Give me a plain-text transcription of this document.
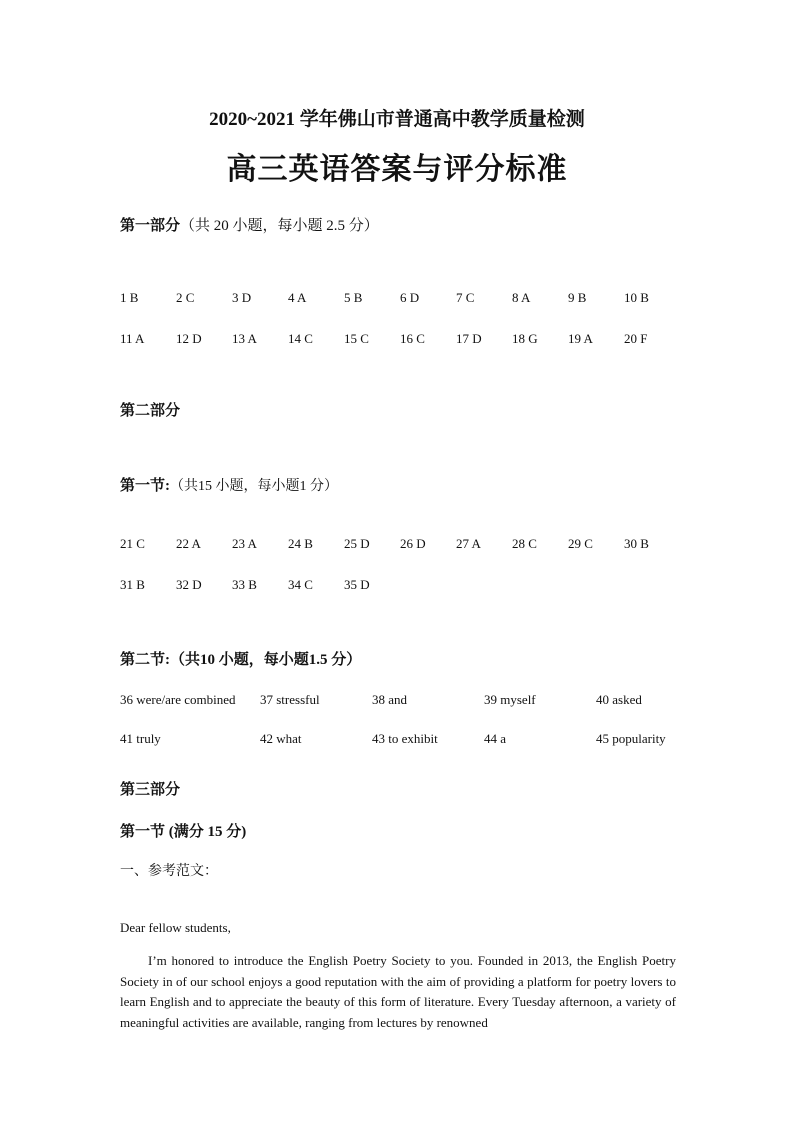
2020~2021 学年佛山市普通高中教学质量检测
高三英语答案与评分标准
第一部分（共 20 小题，每小题 2.5 分）
1 B	2 C	3 D	4 A	5 B	6 D	7 C	8 A	9 B	10 B
11 A 12 D 13 A 14 C 15 C 16 C 17 D 18 G 19 A 20 F
第二部分
第一节:（共15 小题，每小题1 分）
21 C 22 A 23 A 24 B 25 D 26 D 27 A 28 C 29 C 30 B
31 B 32 D 33 B 34 C 35 D
第二节:（共10 小题，每小题1.5 分）
36 were/are combined 37 stressful	38 and	39 myself	40 asked
41 truly	42 what	43 to exhibit	44 a	45 popularity
第三部分
第一节 (满分 15 分)
一、参考范文：
Dear fellow students,
I’m honored to introduce the English Poetry Society to you. Founded in 2013, the English Poetry Society in of our school enjoys a good reputation with the aim of providing a platform for poetry lovers to learn English and to appreciate the beauty of this form of literature. Every Tuesday afternoon, a variety of meaningful activities are available, ranging from lectures by renowned
